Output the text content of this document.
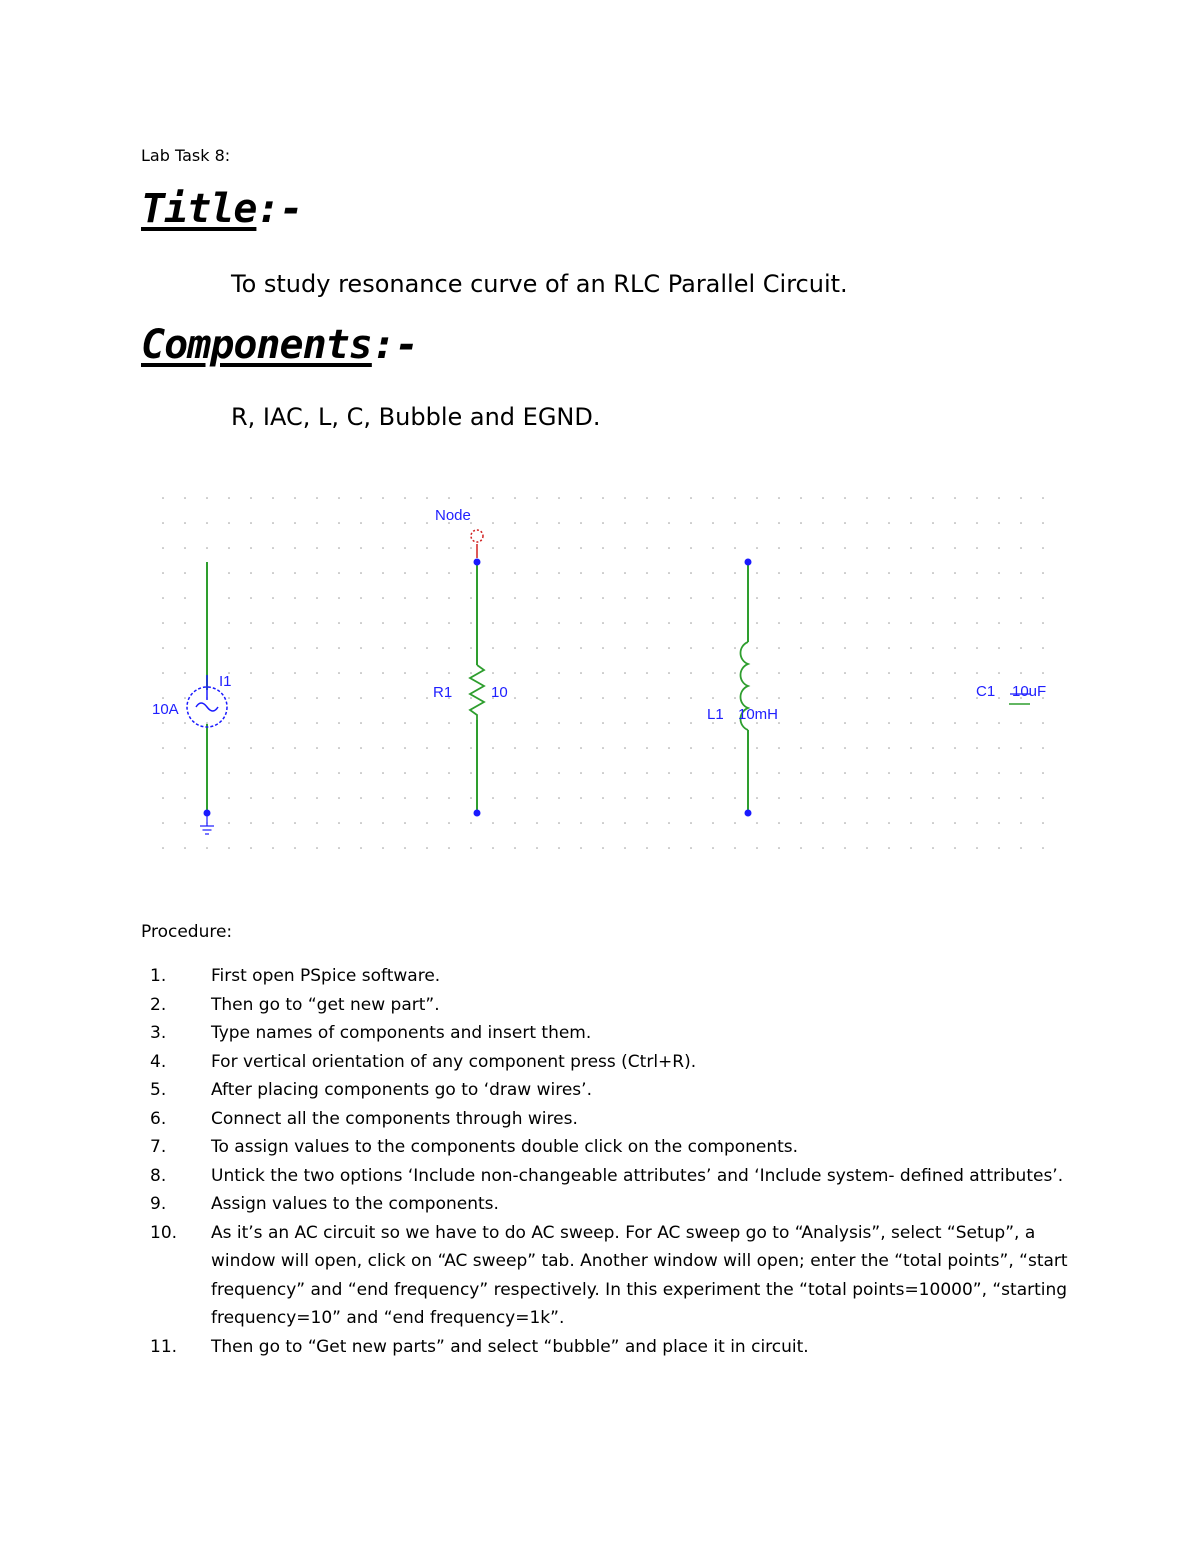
Lab Task 8:
Title:-
To study resonance curve of an RLC Parallel Circuit.
Components:-
R, IAC, L, C, Bubble and EGND.
I1
10A
R1	10
Node
L1 10mH
C1 10uF
Procedure:
1.	First open PSpice software.
2.	Then go to “get new part”.
3.	Type names of components and insert them.
4.	For vertical orientation of any component press (Ctrl+R).
5.	After placing components go to ‘draw wires’.
6.	Connect all the components through wires.
7.	To assign values to the components double click on the components.
8.	Untick the two options ‘Include non-changeable attributes’ and ‘Include system- defined attributes’.
9.	Assign values to the components.
10.	As it’s an AC circuit so we have to do AC sweep. For AC sweep go to “Analysis”, select “Setup”, a window will open, click on “AC sweep” tab. Another window will open; enter the “total points”, “start frequency” and “end frequency” respectively. In this experiment the “total points=10000”, “starting frequency=10” and “end frequency=1k”.
11.	Then go to “Get new parts” and select “bubble” and place it in circuit.
